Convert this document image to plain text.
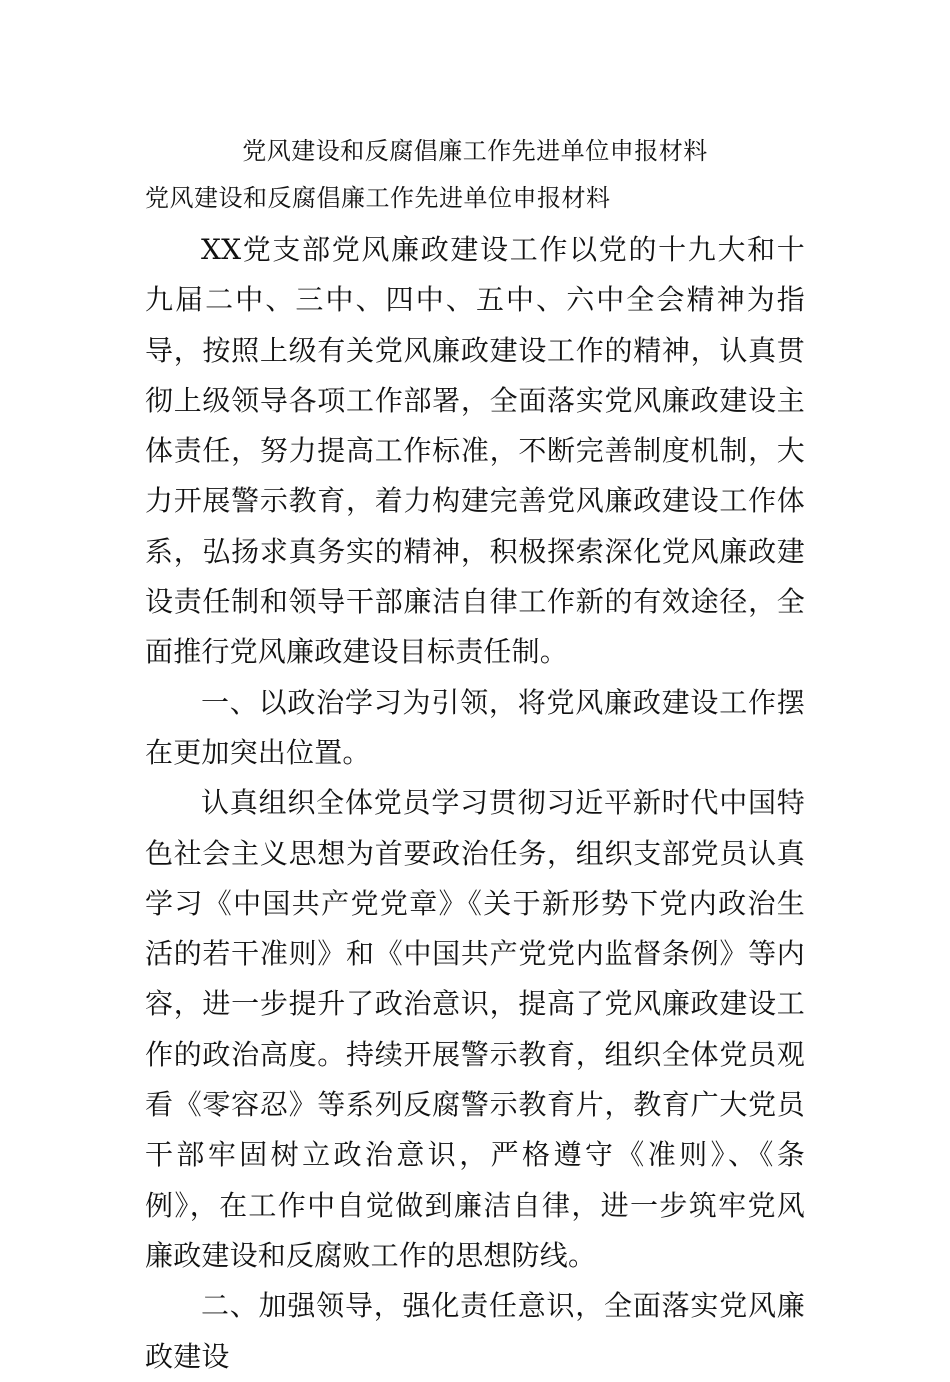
党风建设和反腐倡廉工作先进单位申报材料

党风建设和反腐倡廉工作先进单位申报材料

XX党支部党风廉政建设工作以党的十九大和十九届二中、三中、四中、五中、六中全会精神为指导，按照上级有关党风廉政建设工作的精神，认真贯彻上级领导各项工作部署，全面落实党风廉政建设主体责任，努力提高工作标准，不断完善制度机制，大力开展警示教育，着力构建完善党风廉政建设工作体系，弘扬求真务实的精神，积极探索深化党风廉政建设责任制和领导干部廉洁自律工作新的有效途径，全面推行党风廉政建设目标责任制。

一、以政治学习为引领，将党风廉政建设工作摆在更加突出位置。

认真组织全体党员学习贯彻习近平新时代中国特色社会主义思想为首要政治任务，组织支部党员认真学习《中国共产党党章》《关于新形势下党内政治生活的若干准则》和《中国共产党党内监督条例》等内容，进一步提升了政治意识，提高了党风廉政建设工作的政治高度。持续开展警示教育，组织全体党员观看《零容忍》等系列反腐警示教育片，教育广大党员干部牢固树立政治意识，严格遵守《准则》、《条例》，在工作中自觉做到廉洁自律，进一步筑牢党风廉政建设和反腐败工作的思想防线。

二、加强领导，强化责任意识，全面落实党风廉政建设
